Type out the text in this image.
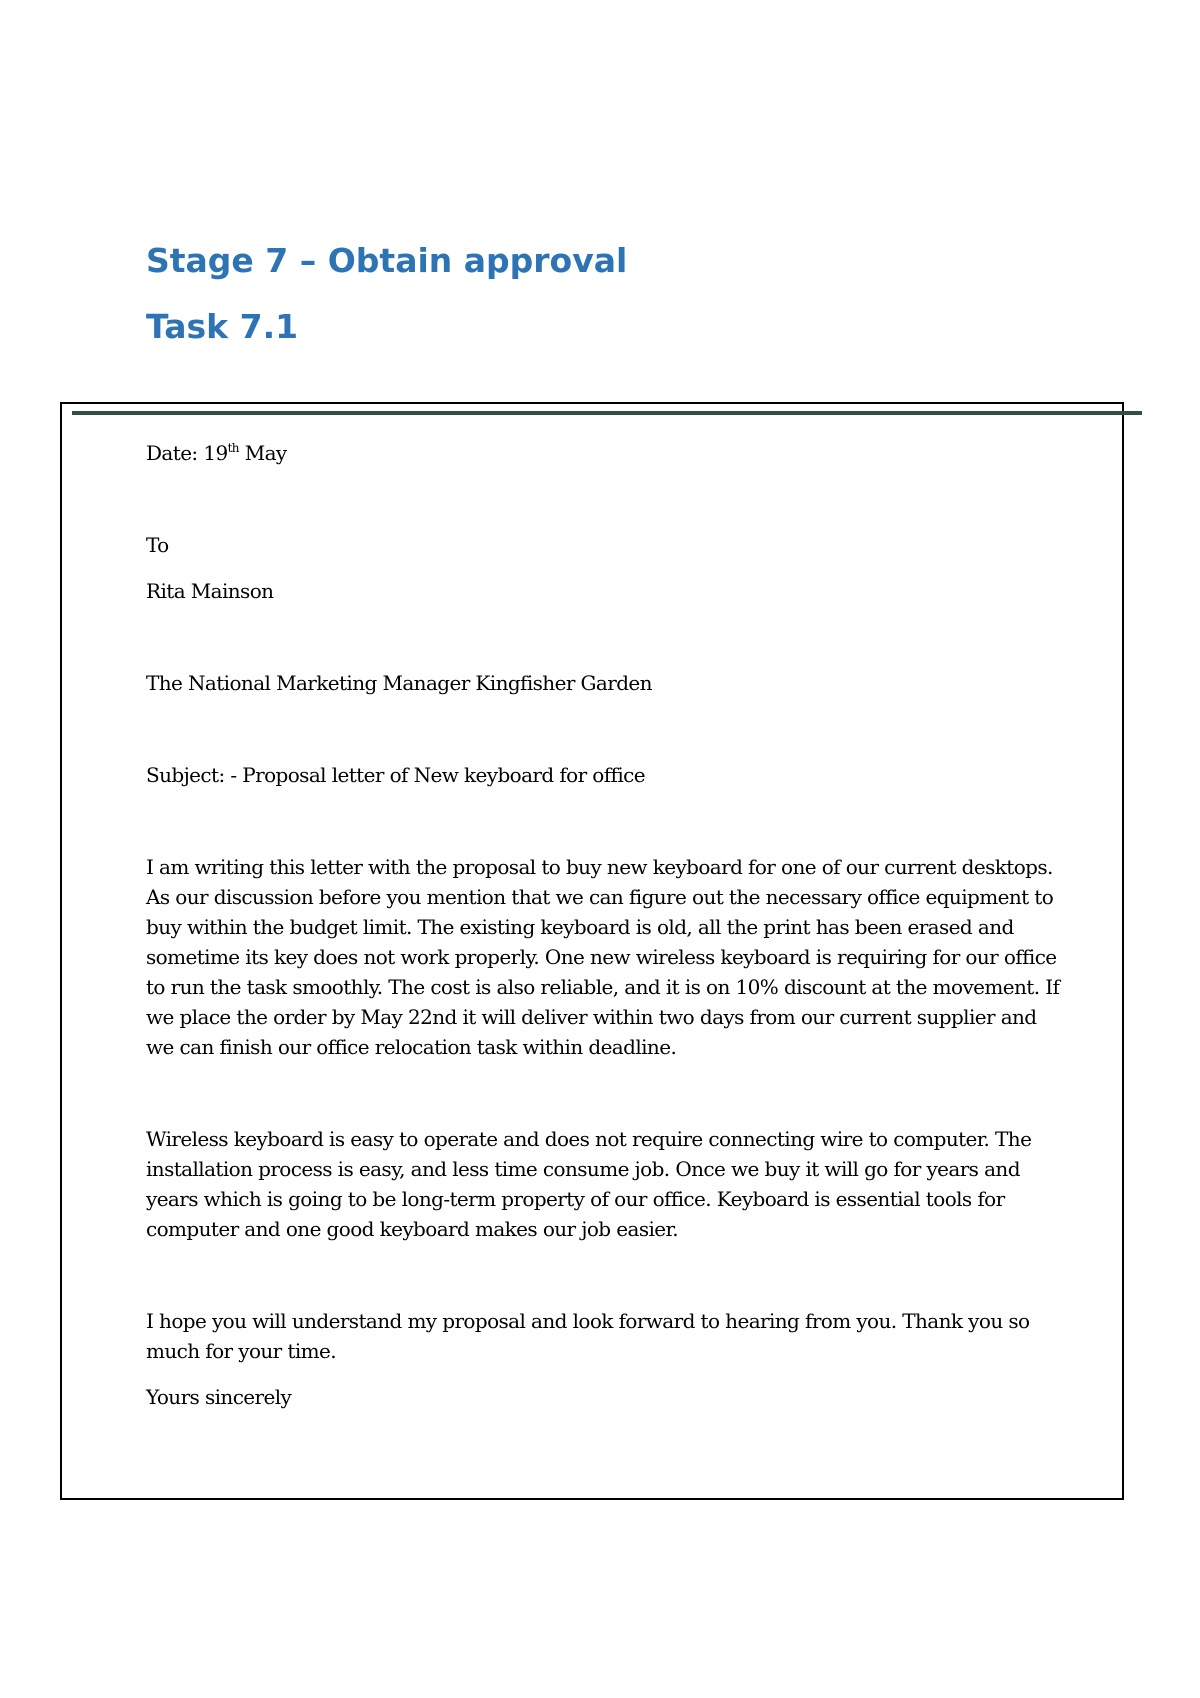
Stage 7 – Obtain approval
Task 7.1

Date: 19th May

To

Rita Mainson

The National Marketing Manager Kingfisher Garden

Subject: - Proposal letter of New keyboard for office

I am writing this letter with the proposal to buy new keyboard for one of our current desktops. As our discussion before you mention that we can figure out the necessary office equipment to buy within the budget limit. The existing keyboard is old, all the print has been erased and sometime its key does not work properly. One new wireless keyboard is requiring for our office to run the task smoothly. The cost is also reliable, and it is on 10% discount at the movement. If we place the order by May 22nd it will deliver within two days from our current supplier and we can finish our office relocation task within deadline.

Wireless keyboard is easy to operate and does not require connecting wire to computer. The installation process is easy, and less time consume job. Once we buy it will go for years and years which is going to be long-term property of our office. Keyboard is essential tools for computer and one good keyboard makes our job easier.

I hope you will understand my proposal and look forward to hearing from you. Thank you so much for your time.

Yours sincerely
